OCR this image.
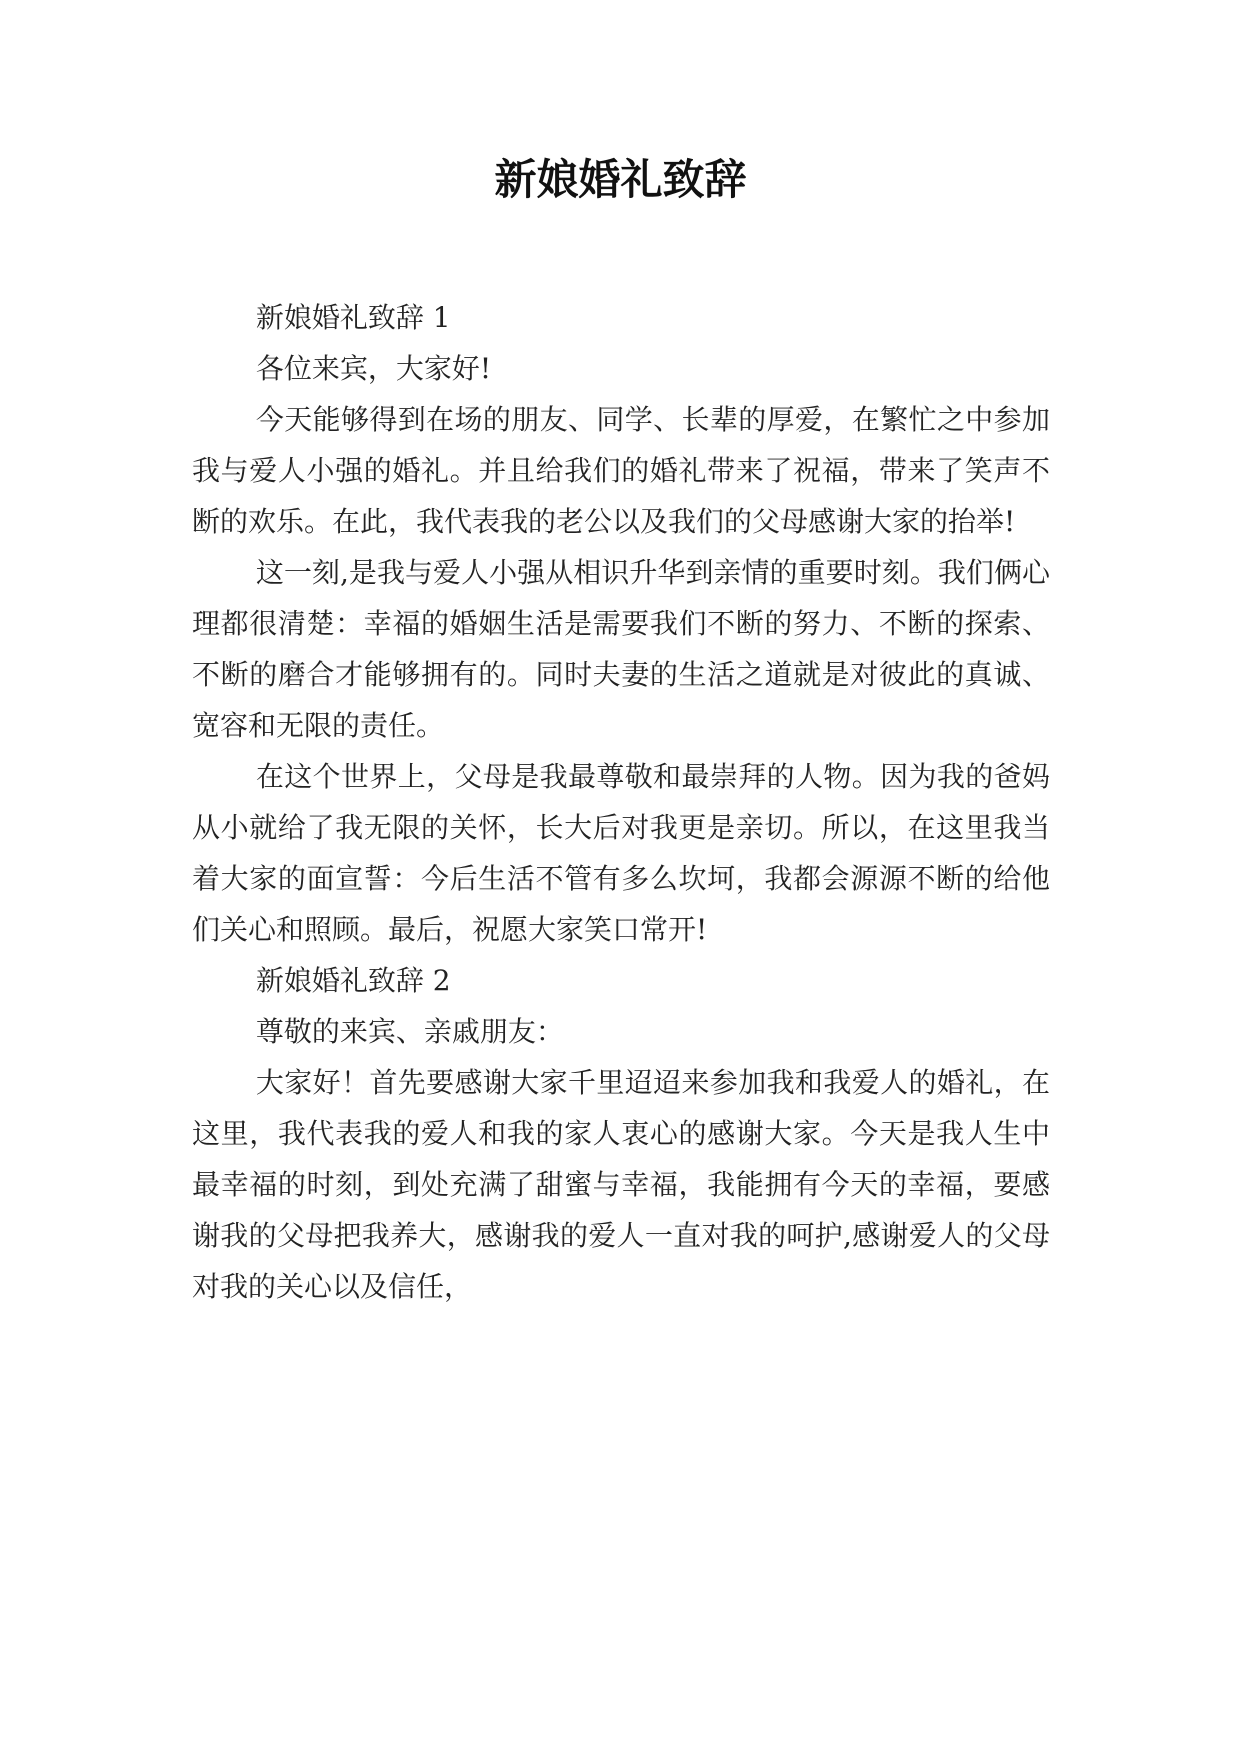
新娘婚礼致辞

新娘婚礼致辞 1

各位来宾，大家好!

今天能够得到在场的朋友、同学、长辈的厚爱，在繁忙之中参加我与爱人小强的婚礼。并且给我们的婚礼带来了祝福，带来了笑声不断的欢乐。在此，我代表我的老公以及我们的父母感谢大家的抬举!

这一刻,是我与爱人小强从相识升华到亲情的重要时刻。我们俩心理都很清楚：幸福的婚姻生活是需要我们不断的努力、不断的探索、不断的磨合才能够拥有的。同时夫妻的生活之道就是对彼此的真诚、宽容和无限的责任。

在这个世界上，父母是我最尊敬和最崇拜的人物。因为我的爸妈从小就给了我无限的关怀，长大后对我更是亲切。所以，在这里我当着大家的面宣誓：今后生活不管有多么坎坷，我都会源源不断的给他们关心和照顾。最后，祝愿大家笑口常开!

新娘婚礼致辞 2

尊敬的来宾、亲戚朋友：

大家好！首先要感谢大家千里迢迢来参加我和我爱人的婚礼，在这里，我代表我的爱人和我的家人衷心的感谢大家。今天是我人生中最幸福的时刻，到处充满了甜蜜与幸福，我能拥有今天的幸福，要感谢我的父母把我养大，感谢我的爱人一直对我的呵护,感谢爱人的父母对我的关心以及信任，
